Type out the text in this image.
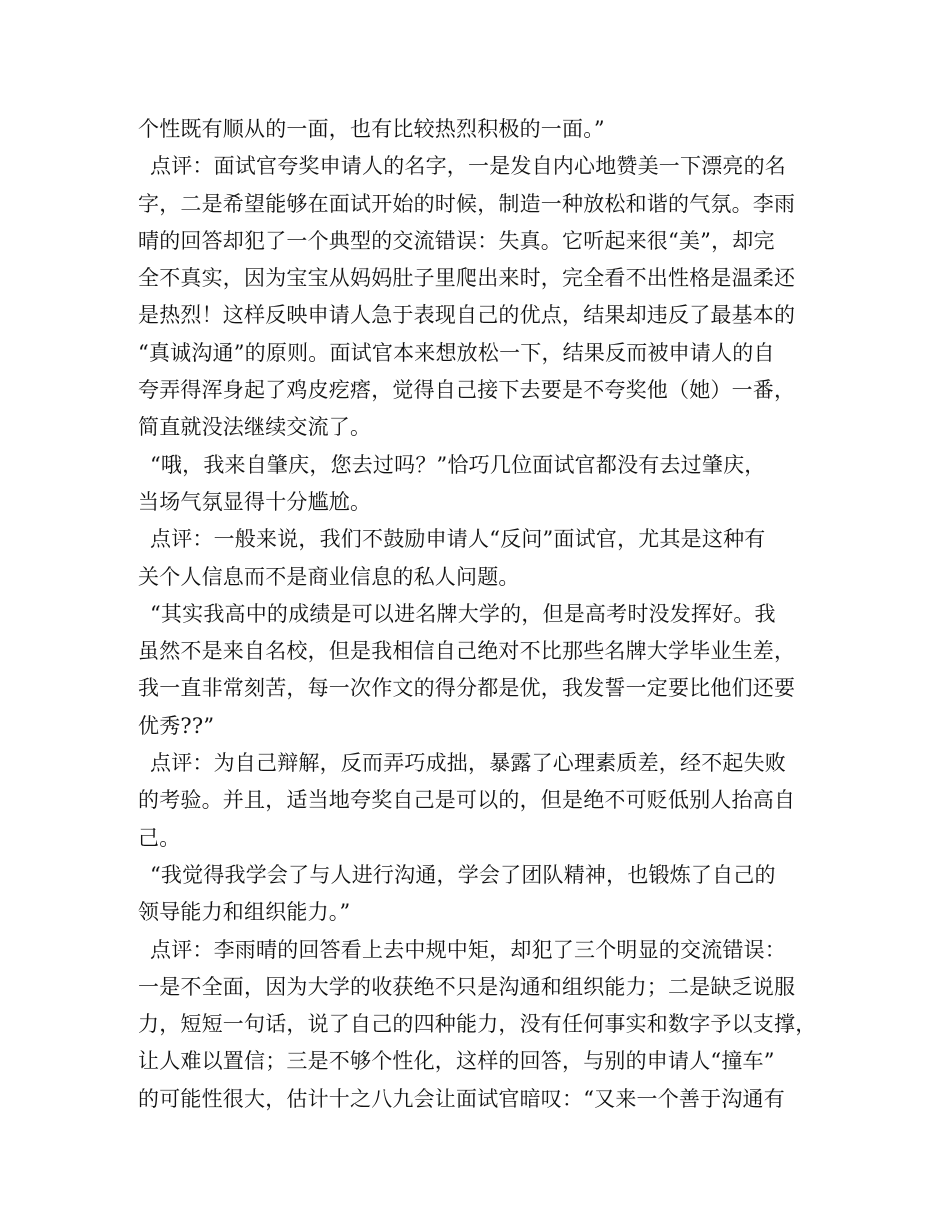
个性既有顺从的一面，也有比较热烈积极的一面。”
点评：面试官夸奖申请人的名字，一是发自内心地赞美一下漂亮的名
字，二是希望能够在面试开始的时候，制造一种放松和谐的气氛。李雨
晴的回答却犯了一个典型的交流错误：失真。它听起来很“美”，却完
全不真实，因为宝宝从妈妈肚子里爬出来时，完全看不出性格是温柔还
是热烈！这样反映申请人急于表现自己的优点，结果却违反了最基本的
“真诚沟通”的原则。面试官本来想放松一下，结果反而被申请人的自
夸弄得浑身起了鸡皮疙瘩，觉得自己接下去要是不夸奖他（她）一番，
简直就没法继续交流了。
“哦，我来自肇庆，您去过吗？”恰巧几位面试官都没有去过肇庆，
当场气氛显得十分尴尬。
点评：一般来说，我们不鼓励申请人“反问”面试官，尤其是这种有
关个人信息而不是商业信息的私人问题。
“其实我高中的成绩是可以进名牌大学的，但是高考时没发挥好。我
虽然不是来自名校，但是我相信自己绝对不比那些名牌大学毕业生差，
我一直非常刻苦，每一次作文的得分都是优，我发誓一定要比他们还要
优秀??”
点评：为自己辩解，反而弄巧成拙，暴露了心理素质差，经不起失败
的考验。并且，适当地夸奖自己是可以的，但是绝不可贬低别人抬高自
己。
“我觉得我学会了与人进行沟通，学会了团队精神，也锻炼了自己的
领导能力和组织能力。”
点评：李雨晴的回答看上去中规中矩，却犯了三个明显的交流错误：
一是不全面，因为大学的收获绝不只是沟通和组织能力；二是缺乏说服
力，短短一句话，说了自己的四种能力，没有任何事实和数字予以支撑，
让人难以置信；三是不够个性化，这样的回答，与别的申请人“撞车”
的可能性很大，估计十之八九会让面试官暗叹：“又来一个善于沟通有
